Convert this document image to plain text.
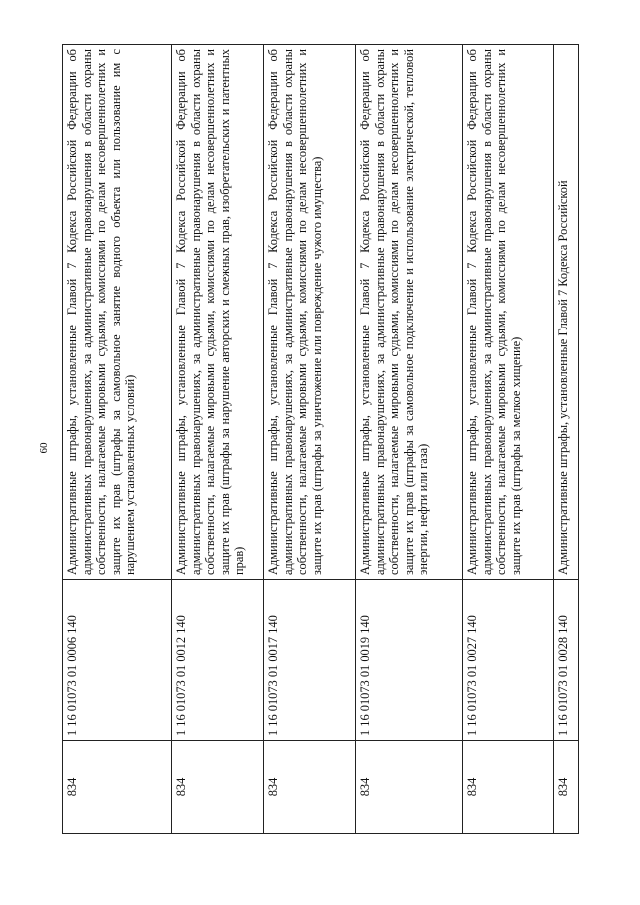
60
834	1 16 01073 01 0006 140	Административные штрафы, установленные Главой 7 Кодекса Российской Федерации об административных правонарушениях, за административные правонарушения в области охраны собственности, налагаемые мировыми судьями, комиссиями по делам несовершеннолетних и защите их прав (штрафы за самовольное занятие водного объекта или пользование им с нарушением установленных условий)
834	1 16 01073 01 0012 140	Административные штрафы, установленные Главой 7 Кодекса Российской Федерации об административных правонарушениях, за административные правонарушения в области охраны собственности, налагаемые мировыми судьями, комиссиями по делам несовершеннолетних и защите их прав (штрафы за нарушение авторских и смежных прав, изобретательских и патентных прав)
834	1 16 01073 01 0017 140	Административные штрафы, установленные Главой 7 Кодекса Российской Федерации об административных правонарушениях, за административные правонарушения в области охраны собственности, налагаемые мировыми судьями, комиссиями по делам несовершеннолетних и защите их прав (штрафы за уничтожение или повреждение чужого имущества)
834	1 16 01073 01 0019 140	Административные штрафы, установленные Главой 7 Кодекса Российской Федерации об административных правонарушениях, за административные правонарушения в области охраны собственности, налагаемые мировыми судьями, комиссиями по делам несовершеннолетних и защите их прав (штрафы за самовольное подключение и использование электрической, тепловой энергии, нефти или газа)
834	1 16 01073 01 0027 140	Административные штрафы, установленные Главой 7 Кодекса Российской Федерации об административных правонарушениях, за административные правонарушения в области охраны собственности, налагаемые мировыми судьями, комиссиями по делам несовершеннолетних и защите их прав (штрафы за мелкое хищение)
834	1 16 01073 01 0028 140	Административные штрафы, установленные Главой 7 Кодекса Российской
